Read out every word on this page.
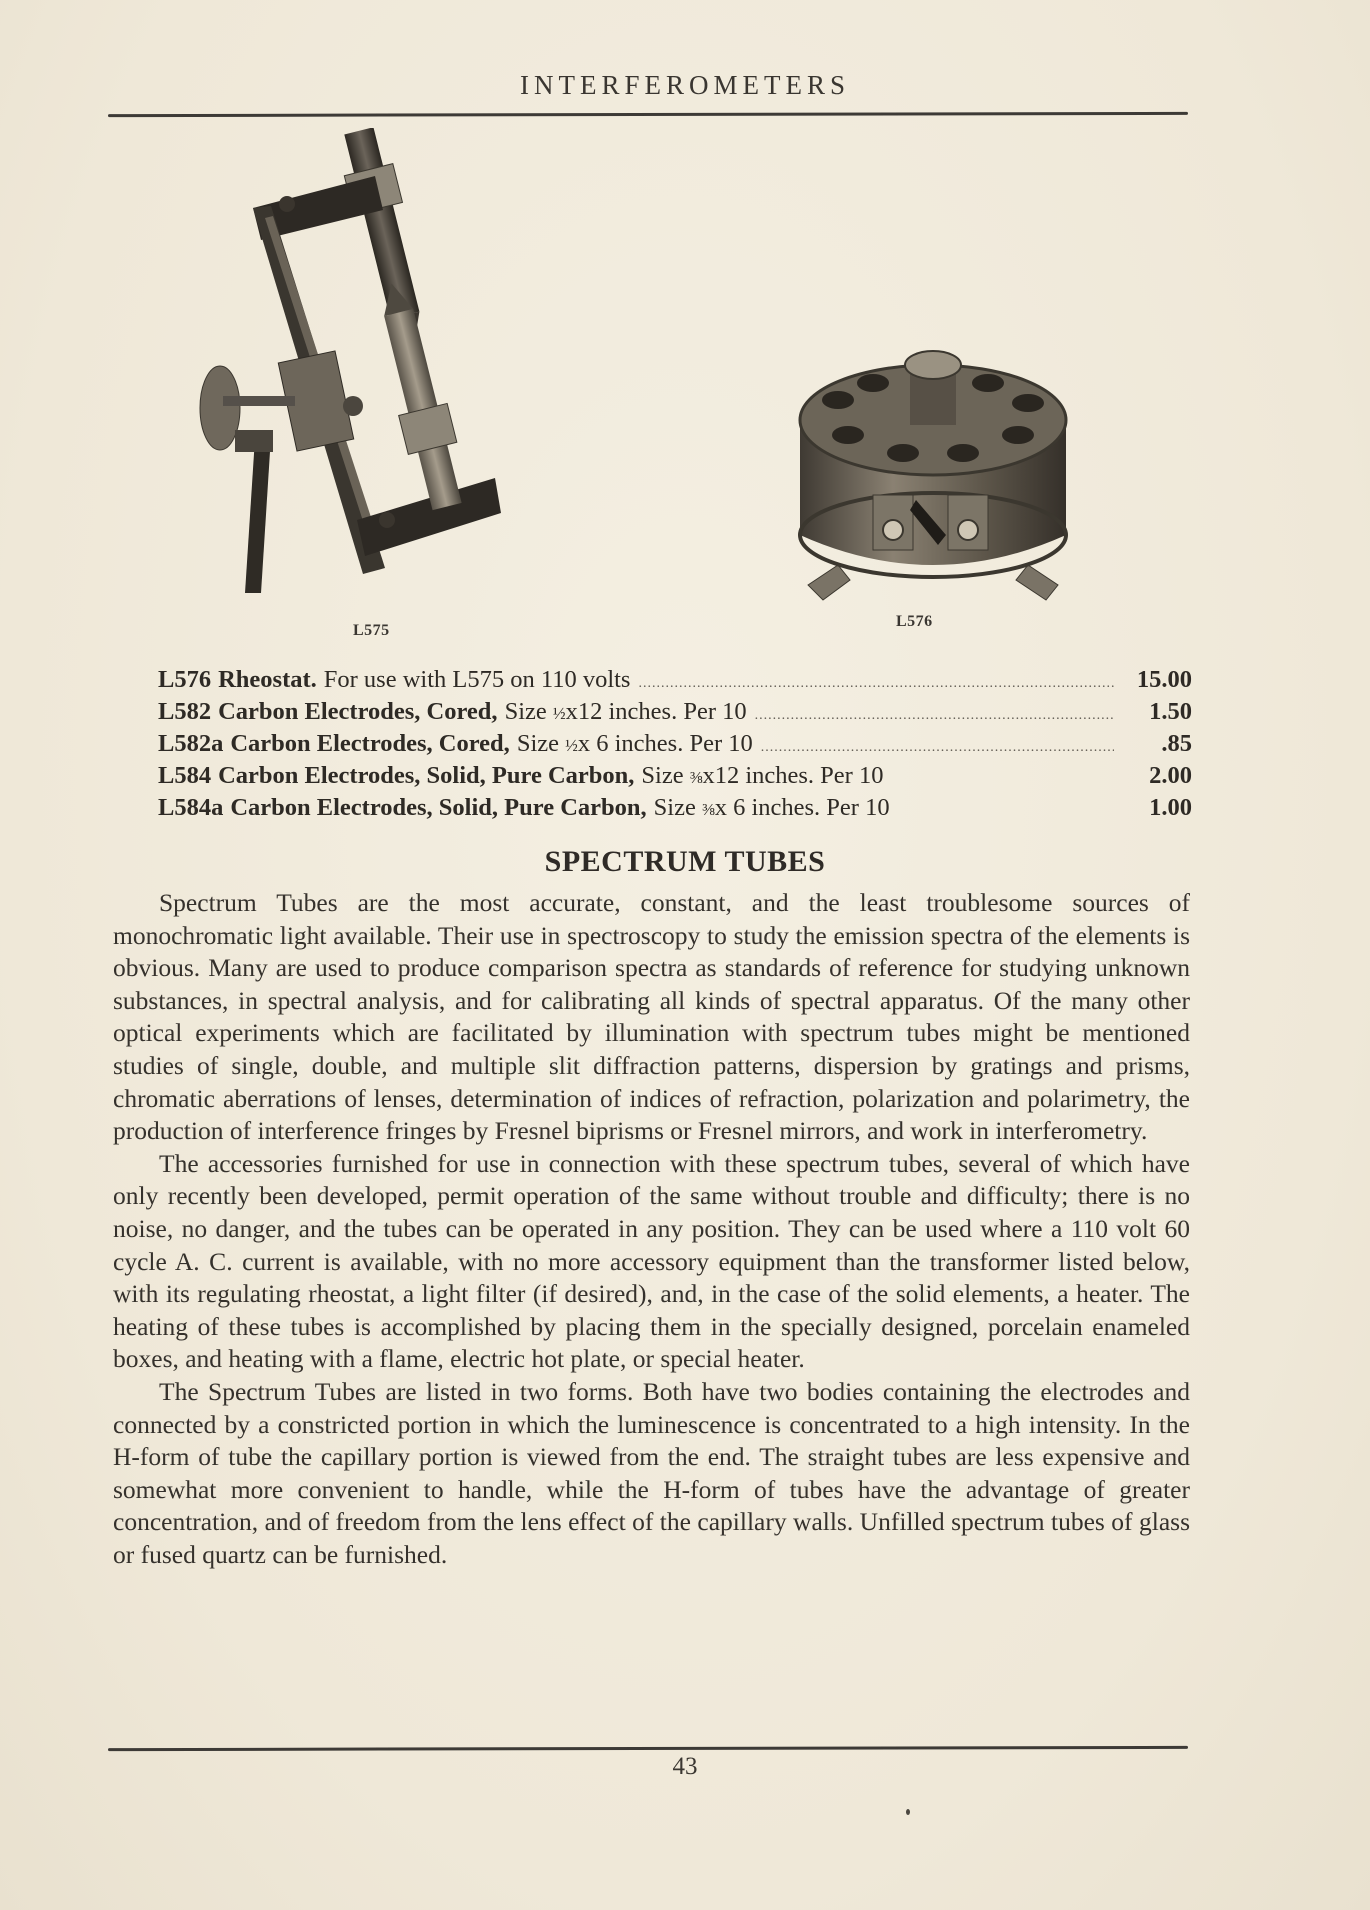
INTERFEROMETERS
L575
L576
L576 Rheostat. For use with L575 on 110 volts .....	15.00
L582 Carbon Electrodes, Cored, Size ½x12 inches. Per 10 .....	1.50
L582a Carbon Electrodes, Cored, Size ½x 6 inches. Per 10 .....	.85
L584 Carbon Electrodes, Solid, Pure Carbon, Size ⅜x12 inches. Per 10	2.00
L584a Carbon Electrodes, Solid, Pure Carbon, Size ⅜x 6 inches. Per 10	1.00
SPECTRUM TUBES

Spectrum Tubes are the most accurate, constant, and the least troublesome sources of monochromatic light available. Their use in spectroscopy to study the emission spectra of the elements is obvious. Many are used to produce comparison spectra as standards of reference for studying unknown substances, in spectral analysis, and for calibrating all kinds of spectral apparatus. Of the many other optical experiments which are facilitated by illumination with spectrum tubes might be mentioned studies of single, double, and multiple slit diffraction patterns, dispersion by gratings and prisms, chromatic aberrations of lenses, determination of indices of refraction, polarization and polarimetry, the production of interference fringes by Fresnel biprisms or Fresnel mirrors, and work in interferometry.

The accessories furnished for use in connection with these spectrum tubes, several of which have only recently been developed, permit operation of the same without trouble and difficulty; there is no noise, no danger, and the tubes can be operated in any position. They can be used where a 110 volt 60 cycle A. C. current is available, with no more accessory equipment than the transformer listed below, with its regulating rheostat, a light filter (if desired), and, in the case of the solid elements, a heater. The heating of these tubes is accomplished by placing them in the specially designed, porcelain enameled boxes, and heating with a flame, electric hot plate, or special heater.

The Spectrum Tubes are listed in two forms. Both have two bodies containing the electrodes and connected by a constricted portion in which the luminescence is concentrated to a high intensity. In the H-form of tube the capillary portion is viewed from the end. The straight tubes are less expensive and somewhat more convenient to handle, while the H-form of tubes have the advantage of greater concentration, and of freedom from the lens effect of the capillary walls. Unfilled spectrum tubes of glass or fused quartz can be furnished.

43
